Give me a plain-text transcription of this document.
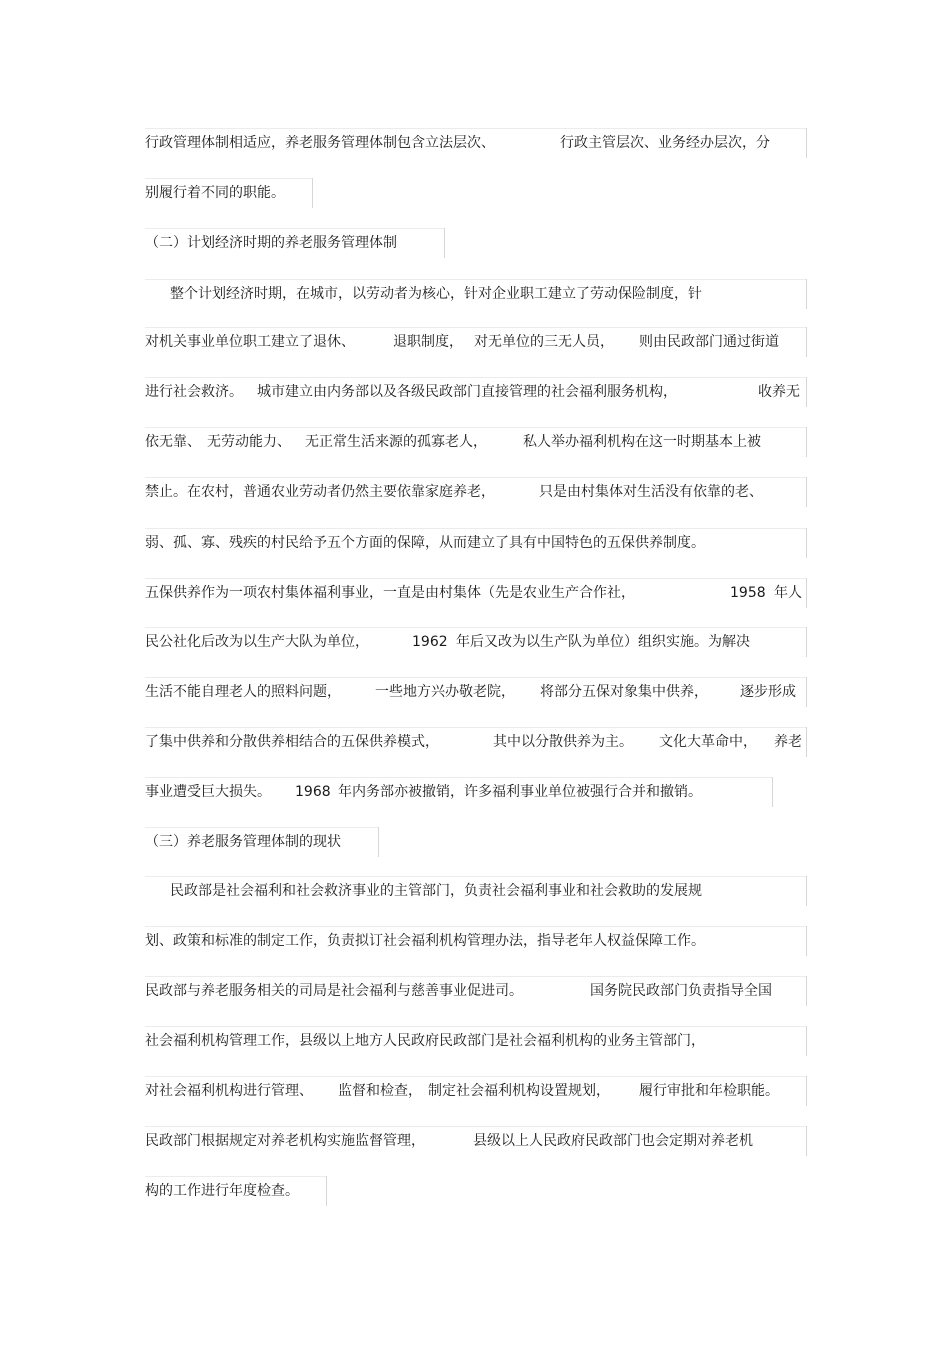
行政管理体制相适应，养老服务管理体制包含立法层次、	行政主管层次、业务经办层次，分
别履行着不同的职能。
（二）计划经济时期的养老服务管理体制
整个计划经济时期，在城市，以劳动者为核心，针对企业职工建立了劳动保险制度，针
对机关事业单位职工建立了退休、	退职制度， 对无单位的三无人员， 则由民政部门通过街道
进行社会救济。 城市建立由内务部以及各级民政部门直接管理的社会福利服务机构，	收养无
依无靠、 无劳动能力、 无正常生活来源的孤寡老人，	私人举办福利机构在这一时期基本上被
禁止。在农村，普通农业劳动者仍然主要依靠家庭养老，	只是由村集体对生活没有依靠的老、
弱、孤、寡、残疾的村民给予五个方面的保障，从而建立了具有中国特色的五保供养制度。
五保供养作为一项农村集体福利事业，一直是由村集体（先是农业生产合作社，	1958 年人
民公社化后改为以生产大队为单位，	1962 年后又改为以生产队为单位）组织实施。为解决
生活不能自理老人的照料问题， 一些地方兴办敬老院， 将部分五保对象集中供养， 逐步形成
了集中供养和分散供养相结合的五保供养模式，	其中以分散供养为主。 文化大革命中， 养老
事业遭受巨大损失。 1968 年内务部亦被撤销，许多福利事业单位被强行合并和撤销。
（三）养老服务管理体制的现状
民政部是社会福利和社会救济事业的主管部门，负责社会福利事业和社会救助的发展规
划、政策和标准的制定工作，负责拟订社会福利机构管理办法，指导老年人权益保障工作。
民政部与养老服务相关的司局是社会福利与慈善事业促进司。	国务院民政部门负责指导全国
社会福利机构管理工作，县级以上地方人民政府民政部门是社会福利机构的业务主管部门，
对社会福利机构进行管理、 监督和检查， 制定社会福利机构设置规划， 履行审批和年检职能。
民政部门根据规定对养老机构实施监督管理，	县级以上人民政府民政部门也会定期对养老机
构的工作进行年度检查。
